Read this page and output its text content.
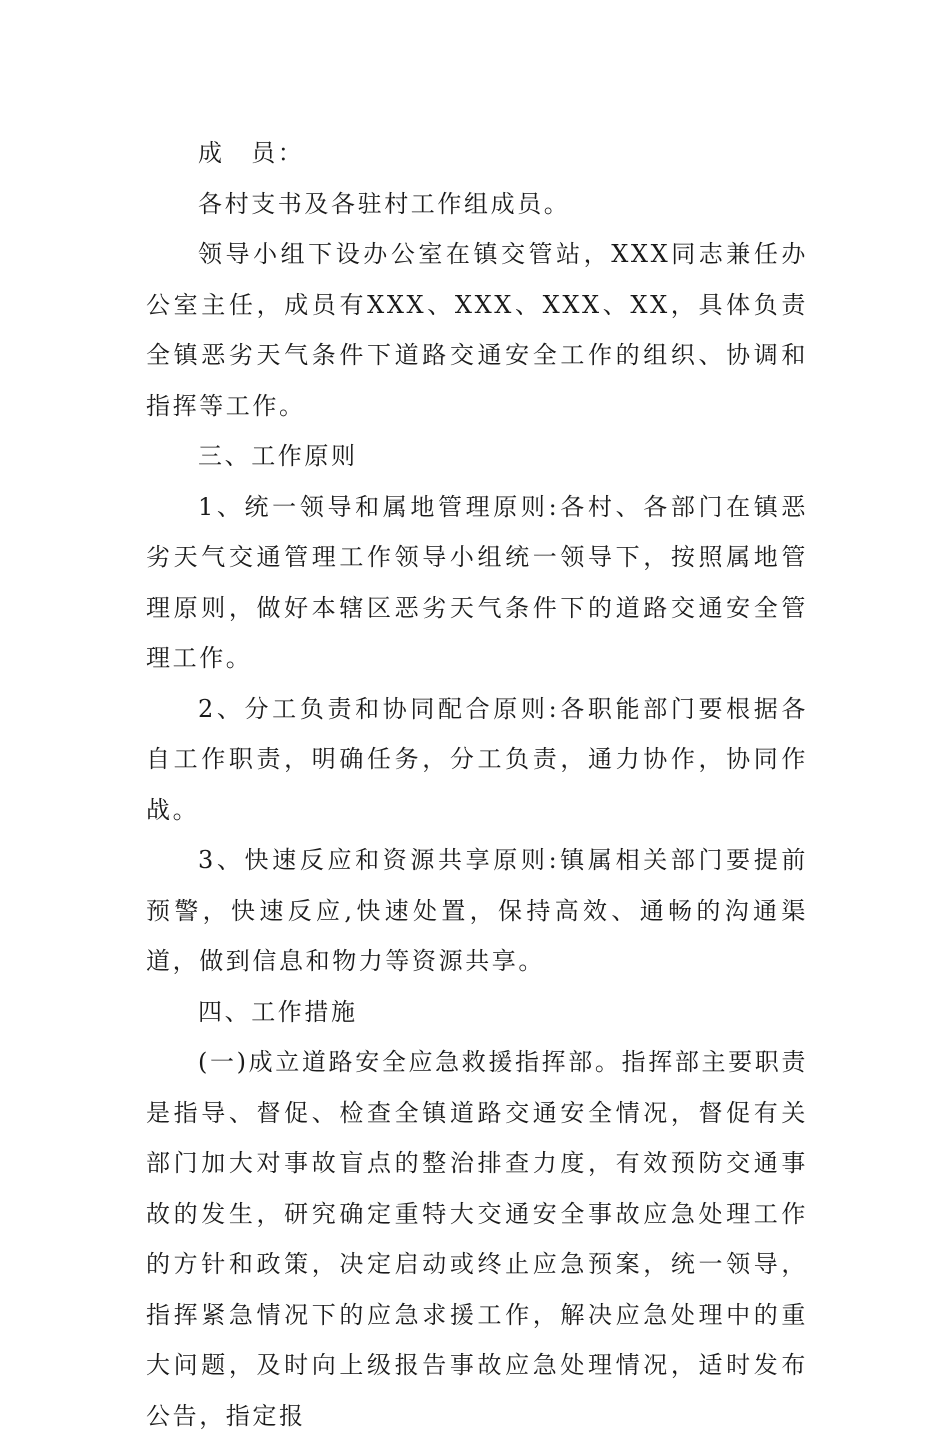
成　员：

各村支书及各驻村工作组成员。

领导小组下设办公室在镇交管站，XXX同志兼任办公室主任，成员有XXX、XXX、XXX、XX，具体负责全镇恶劣天气条件下道路交通安全工作的组织、协调和指挥等工作。

三、工作原则

1、统一领导和属地管理原则:各村、各部门在镇恶劣天气交通管理工作领导小组统一领导下，按照属地管理原则，做好本辖区恶劣天气条件下的道路交通安全管理工作。

2、分工负责和协同配合原则:各职能部门要根据各自工作职责，明确任务，分工负责，通力协作，协同作战。

3、快速反应和资源共享原则:镇属相关部门要提前预警，快速反应,快速处置，保持高效、通畅的沟通渠道，做到信息和物力等资源共享。

四、工作措施

(一)成立道路安全应急救援指挥部。指挥部主要职责是指导、督促、检查全镇道路交通安全情况，督促有关部门加大对事故盲点的整治排查力度，有效预防交通事故的发生，研究确定重特大交通安全事故应急处理工作的方针和政策，决定启动或终止应急预案，统一领导，指挥紧急情况下的应急求援工作，解决应急处理中的重大问题，及时向上级报告事故应急处理情况，适时发布公告，指定报
